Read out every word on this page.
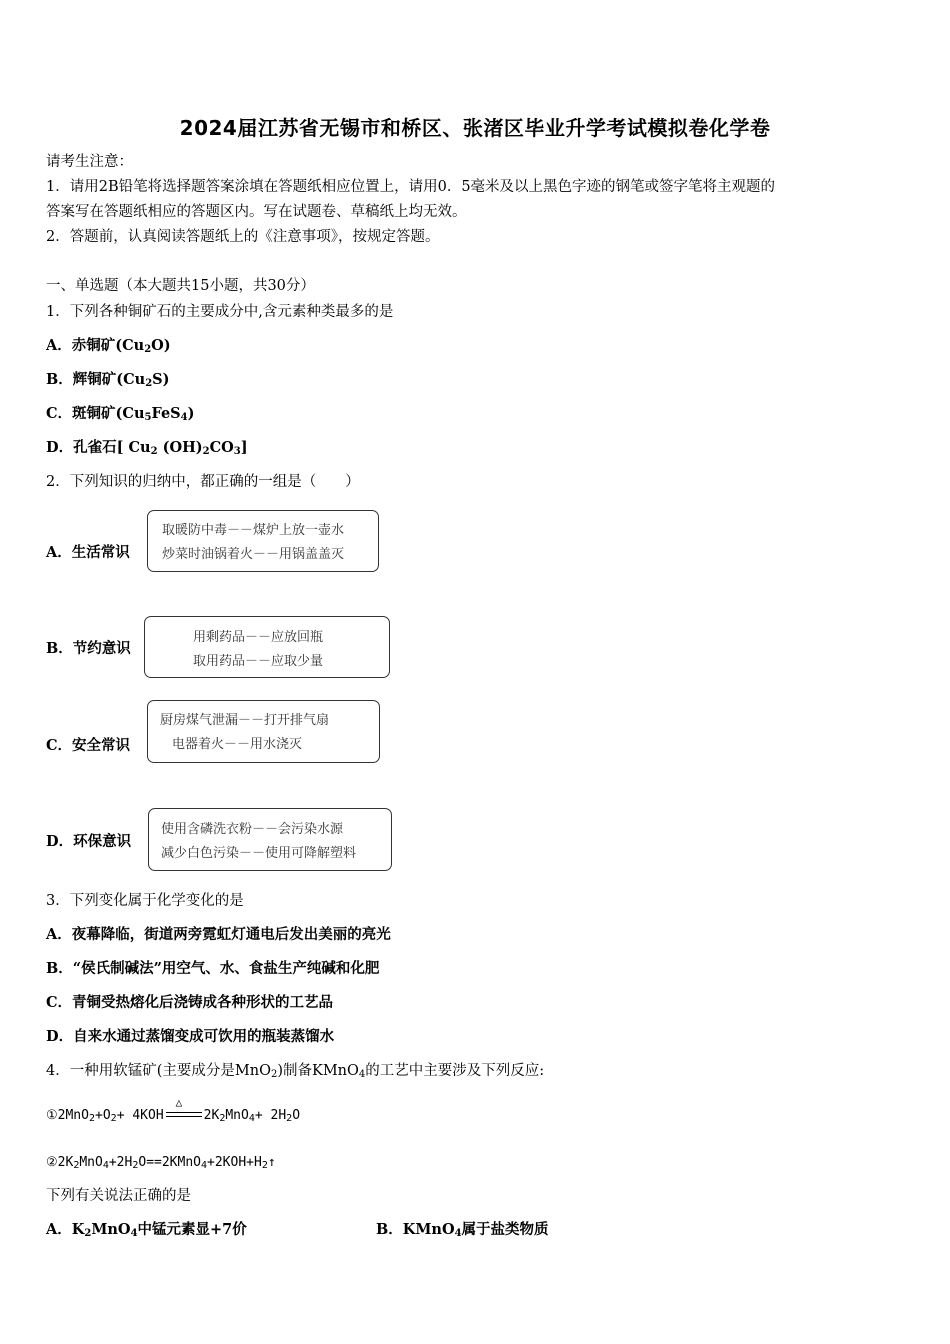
2024届江苏省无锡市和桥区、张渚区毕业升学考试模拟卷化学卷
请考生注意：
1．请用2B铅笔将选择题答案涂填在答题纸相应位置上，请用0．5毫米及以上黑色字迹的钢笔或签字笔将主观题的
答案写在答题纸相应的答题区内。写在试题卷、草稿纸上均无效。
2．答题前，认真阅读答题纸上的《注意事项》，按规定答题。
一、单选题（本大题共15小题，共30分）
1．下列各种铜矿石的主要成分中,含元素种类最多的是
A．赤铜矿$(Cu_2O)$
B．辉铜矿$(Cu_2S)$
C．斑铜矿$(Cu_5FeS_4)$
D．孔雀石[ $Cu_2$ $(OH)_2CO_3$]
2．下列知识的归纳中，都正确的一组是（　　）
A．生活常识
取暖防中毒－－煤炉上放一壶水
炒菜时油锅着火－－用锅盖盖灭
B．节约意识
用剩药品－－应放回瓶
取用药品－－应取少量
C．安全常识
厨房煤气泄漏－－打开排气扇
电器着火－－用水浇灭
D．环保意识
使用含磷洗衣粉－－会污染水源
减少白色污染－－使用可降解塑料
3．下列变化属于化学变化的是
A．夜幕降临，街道两旁霓虹灯通电后发出美丽的亮光
B．“侯氏制碱法”用空气、水、食盐生产纯碱和化肥
C．青铜受热熔化后浇铸成各种形状的工艺品
D．自来水通过蒸馏变成可饮用的瓶装蒸馏水
4．一种用软锰矿(主要成分是MnO$_2$)制备KMnO$_4$的工艺中主要涉及下列反应:
$①2MnO_2+O_2+ 4KOH$
△
$2K_2MnO_4+ 2H_2O$
$②2K_2MnO_4+2H_2O==2KMnO_4+2KOH+H_2↑$
下列有关说法正确的是
A．$K_2MnO_4$中锰元素显+7价	B．KMnO$_4$属于盐类物质
